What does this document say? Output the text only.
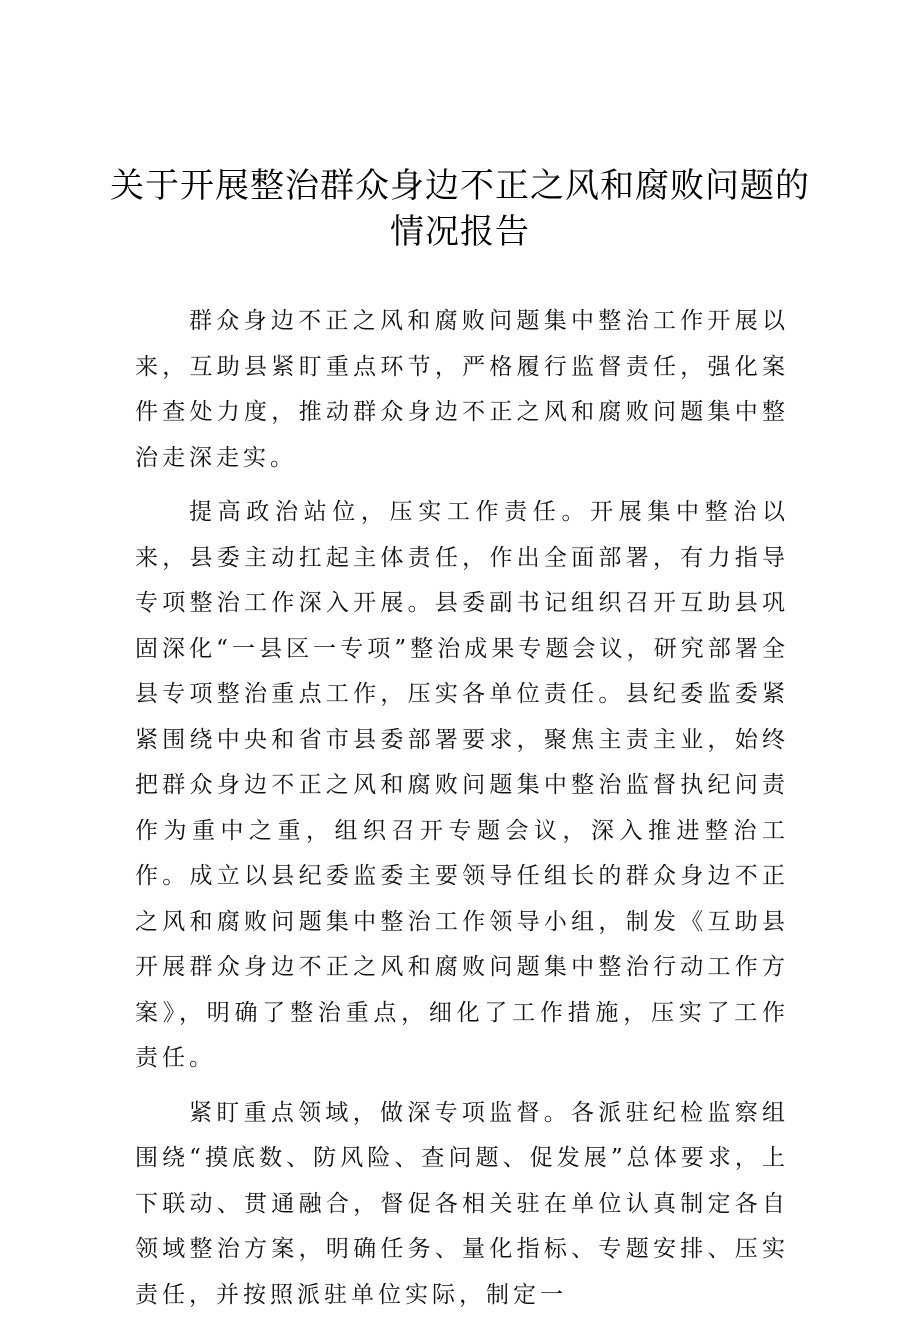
关于开展整治群众身边不正之风和腐败问题的情况报告

群众身边不正之风和腐败问题集中整治工作开展以来，互助县紧盯重点环节，严格履行监督责任，强化案件查处力度，推动群众身边不正之风和腐败问题集中整治走深走实。

提高政治站位，压实工作责任。开展集中整治以来，县委主动扛起主体责任，作出全面部署，有力指导专项整治工作深入开展。县委副书记组织召开互助县巩固深化“一县区一专项”整治成果专题会议，研究部署全县专项整治重点工作，压实各单位责任。县纪委监委紧紧围绕中央和省市县委部署要求，聚焦主责主业，始终把群众身边不正之风和腐败问题集中整治监督执纪问责作为重中之重，组织召开专题会议，深入推进整治工作。成立以县纪委监委主要领导任组长的群众身边不正之风和腐败问题集中整治工作领导小组，制发《互助县开展群众身边不正之风和腐败问题集中整治行动工作方案》，明确了整治重点，细化了工作措施，压实了工作责任。

紧盯重点领域，做深专项监督。各派驻纪检监察组围绕“摸底数、防风险、查问题、促发展”总体要求，上下联动、贯通融合，督促各相关驻在单位认真制定各自领域整治方案，明确任务、量化指标、专题安排、压实责任，并按照派驻单位实际，制定一
